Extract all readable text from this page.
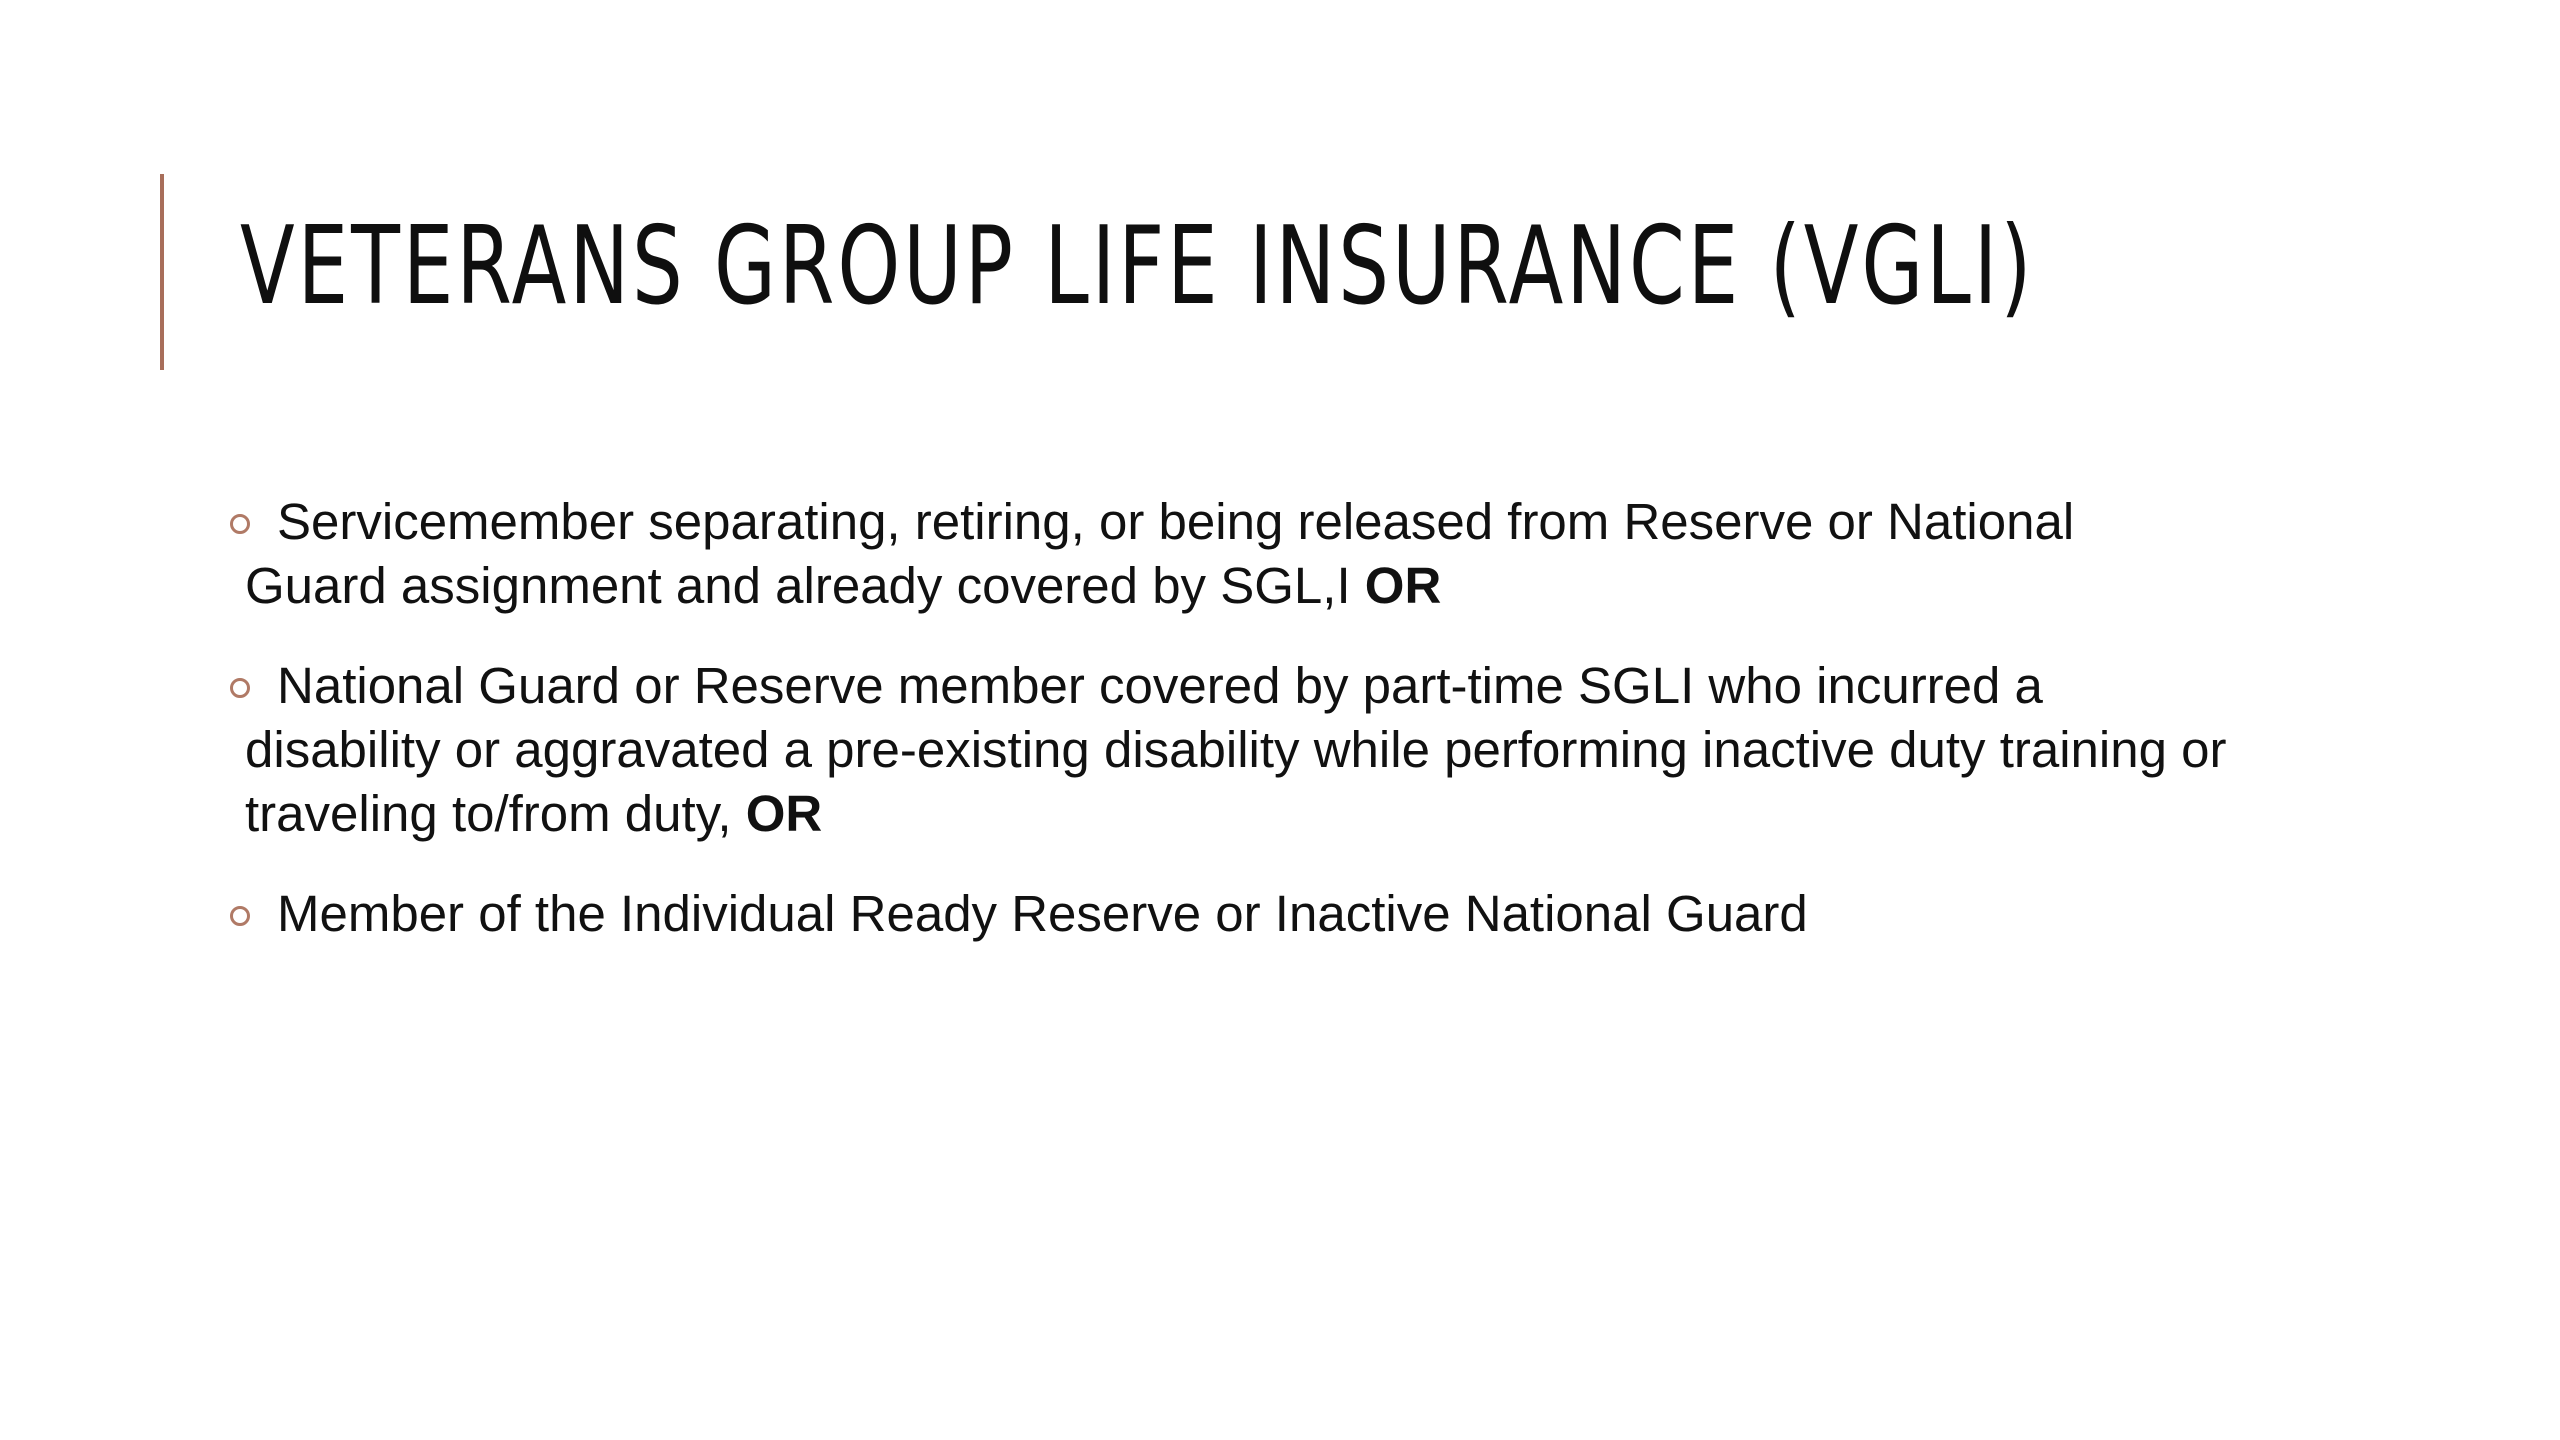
VETERANS GROUP LIFE INSURANCE (VGLI)
Servicemember separating, retiring, or being released from Reserve or National Guard assignment and already covered by SGL,I OR
National Guard or Reserve member covered by part-time SGLI who incurred a disability or aggravated a pre-existing disability while performing inactive duty training or traveling to/from duty, OR
Member of the Individual Ready Reserve or Inactive National Guard
